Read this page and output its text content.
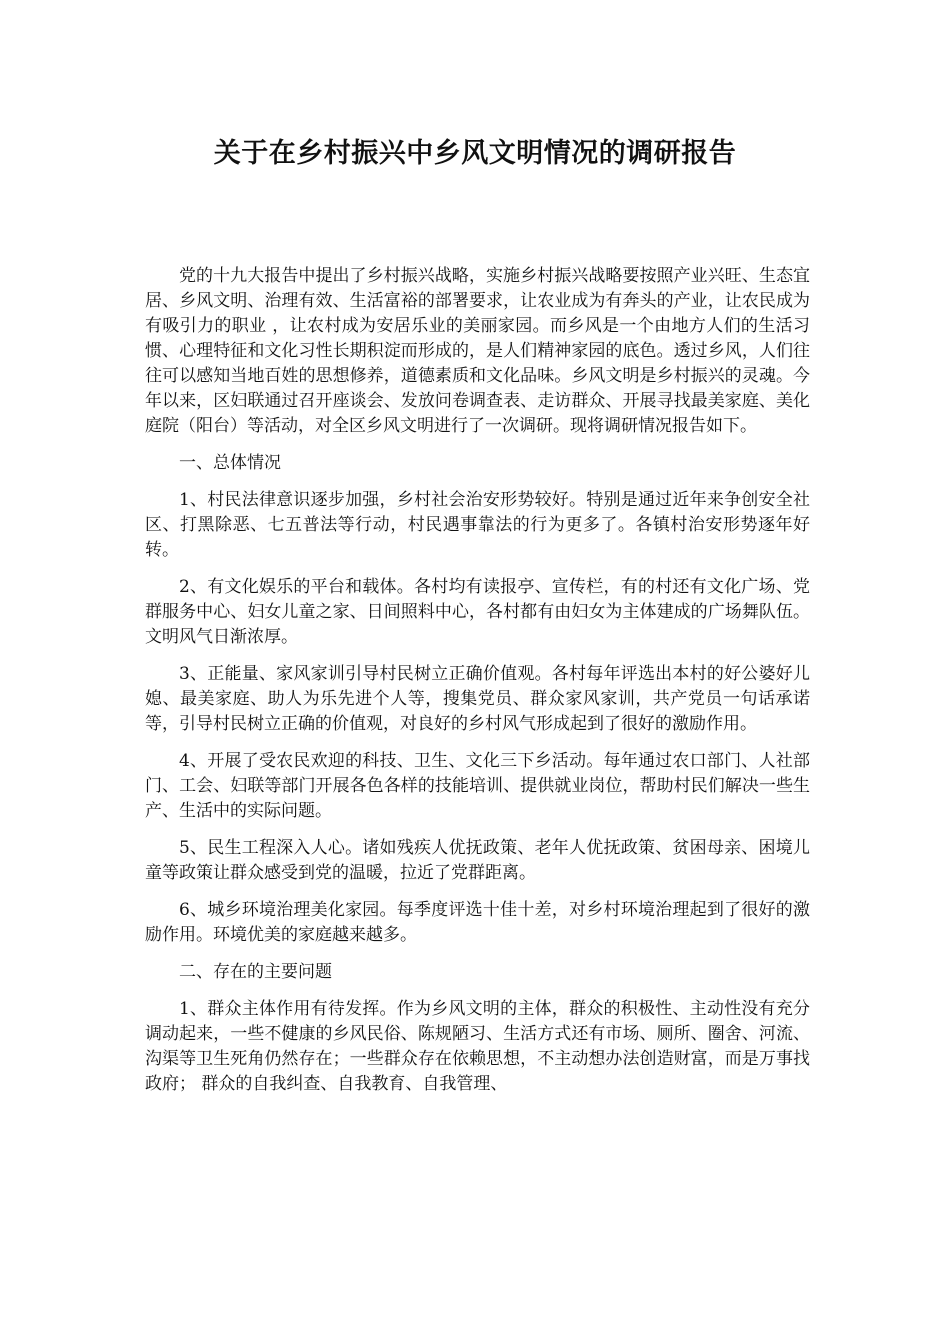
关于在乡村振兴中乡风文明情况的调研报告

党的十九大报告中提出了乡村振兴战略，实施乡村振兴战略要按照产业兴旺、生态宜居、乡风文明、治理有效、生活富裕的部署要求，让农业成为有奔头的产业，让农民成为有吸引力的职业 ，让农村成为安居乐业的美丽家园。而乡风是一个由地方人们的生活习惯、心理特征和文化习性长期积淀而形成的，是人们精神家园的底色。透过乡风，人们往往可以感知当地百姓的思想修养，道德素质和文化品味。乡风文明是乡村振兴的灵魂。今年以来，区妇联通过召开座谈会、发放问卷调查表、走访群众、开展寻找最美家庭、美化庭院（阳台）等活动，对全区乡风文明进行了一次调研。现将调研情况报告如下。

一、总体情况

1、村民法律意识逐步加强，乡村社会治安形势较好。特别是通过近年来争创安全社区、打黑除恶、七五普法等行动，村民遇事靠法的行为更多了。各镇村治安形势逐年好转。

2、有文化娱乐的平台和载体。各村均有读报亭、宣传栏，有的村还有文化广场、党群服务中心、妇女儿童之家、日间照料中心，各村都有由妇女为主体建成的广场舞队伍。文明风气日渐浓厚。

3、正能量、家风家训引导村民树立正确价值观。各村每年评选出本村的好公婆好儿媳、最美家庭、助人为乐先进个人等，搜集党员、群众家风家训，共产党员一句话承诺等，引导村民树立正确的价值观，对良好的乡村风气形成起到了很好的激励作用。

4、开展了受农民欢迎的科技、卫生、文化三下乡活动。每年通过农口部门、人社部门、工会、妇联等部门开展各色各样的技能培训、提供就业岗位，帮助村民们解决一些生产、生活中的实际问题。

5、民生工程深入人心。诸如残疾人优抚政策、老年人优抚政策、贫困母亲、困境儿童等政策让群众感受到党的温暖，拉近了党群距离。

6、城乡环境治理美化家园。每季度评选十佳十差，对乡村环境治理起到了很好的激励作用。环境优美的家庭越来越多。

二、存在的主要问题

1、群众主体作用有待发挥。作为乡风文明的主体，群众的积极性、主动性没有充分调动起来，一些不健康的乡风民俗、陈规陋习、生活方式还有市场、厕所、圈舍、河流、沟渠等卫生死角仍然存在；一些群众存在依赖思想，不主动想办法创造财富，而是万事找政府； 群众的自我纠查、自我教育、自我管理、
